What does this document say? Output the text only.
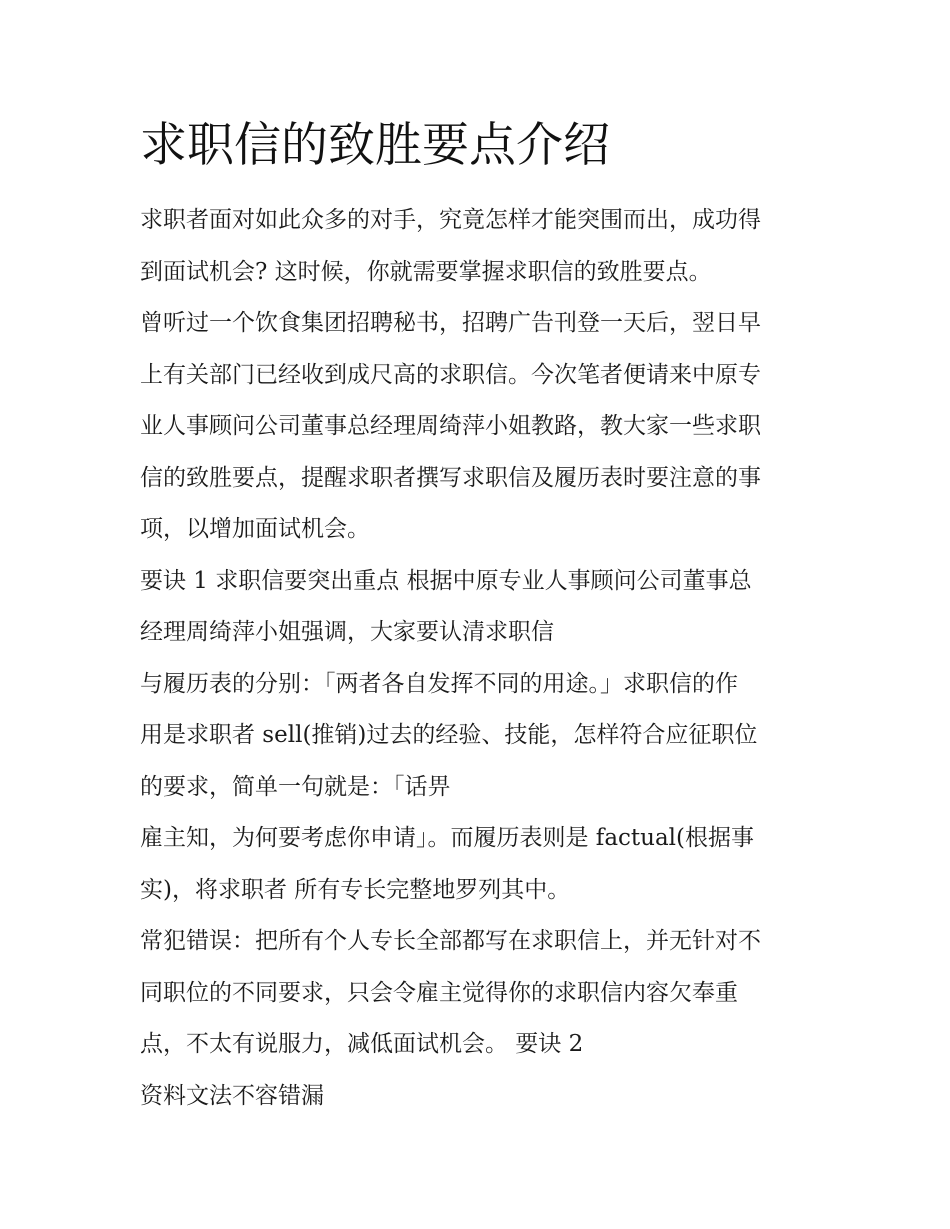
求职信的致胜要点介绍

求职者面对如此众多的对手，究竟怎样才能突围而出，成功得
到面试机会? 这时候，你就需要掌握求职信的致胜要点。

曾听过一个饮食集团招聘秘书，招聘广告刊登一天后，翌日早
上有关部门已经收到成尺高的求职信。今次笔者便请来中原专
业人事顾问公司董事总经理周绮萍小姐教路，教大家一些求职
信的致胜要点，提醒求职者撰写求职信及履历表时要注意的事
项，以增加面试机会。

要诀 1 求职信要突出重点 根据中原专业人事顾问公司董事总
经理周绮萍小姐强调，大家要认清求职信

与履历表的分别：「两者各自发挥不同的用途。」求职信的作
用是求职者 sell(推销)过去的经验、技能，怎样符合应征职位
的要求，简单一句就是：「话畀

雇主知，为何要考虑你申请」。而履历表则是 factual(根据事
实)，将求职者 所有专长完整地罗列其中。

常犯错误：把所有个人专长全部都写在求职信上，并无针对不
同职位的不同要求，只会令雇主觉得你的求职信内容欠奉重
点，不太有说服力，减低面试机会。 要诀 2

资料文法不容错漏
